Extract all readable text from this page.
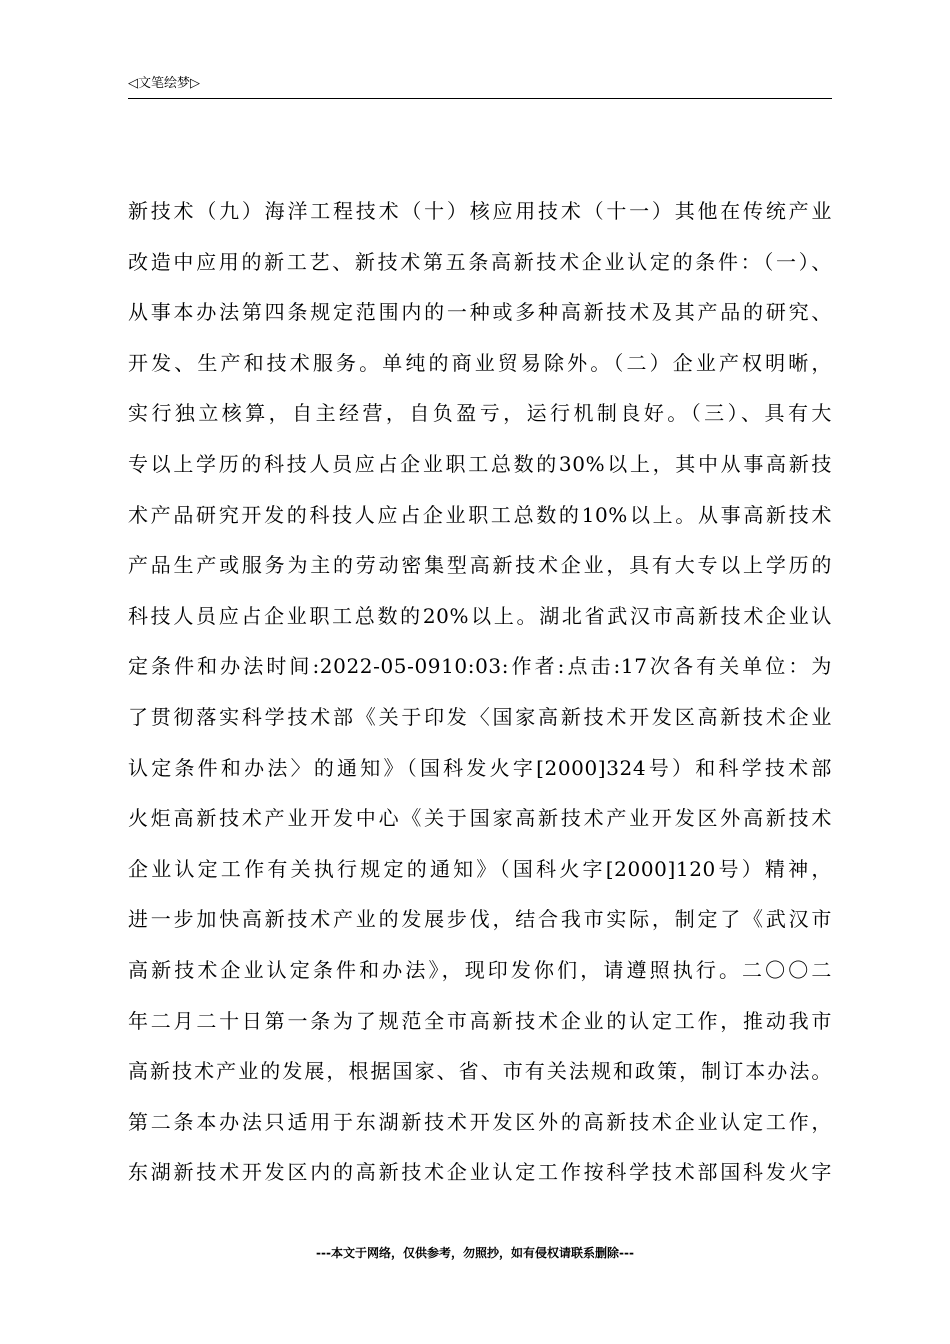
◁文笔绘梦▷
新技术（九）海洋工程技术（十）核应用技术（十一）其他在传统产业
改造中应用的新工艺、新技术第五条高新技术企业认定的条件：（一）、
从事本办法第四条规定范围内的一种或多种高新技术及其产品的研究、
开发、生产和技术服务。单纯的商业贸易除外。（二）企业产权明晰，
实行独立核算，自主经营，自负盈亏，运行机制良好。（三）、具有大
专以上学历的科技人员应占企业职工总数的30%以上，其中从事高新技
术产品研究开发的科技人应占企业职工总数的10%以上。从事高新技术
产品生产或服务为主的劳动密集型高新技术企业，具有大专以上学历的
科技人员应占企业职工总数的20%以上。湖北省武汉市高新技术企业认
定条件和办法时间:2022-05-0910:03:作者:点击:17次各有关单位：为
了贯彻落实科学技术部《关于印发〈国家高新技术开发区高新技术企业
认定条件和办法〉的通知》（国科发火字[2000]324号）和科学技术部
火炬高新技术产业开发中心《关于国家高新技术产业开发区外高新技术
企业认定工作有关执行规定的通知》（国科火字[2000]120号）精神，
进一步加快高新技术产业的发展步伐，结合我市实际，制定了《武汉市
高新技术企业认定条件和办法》，现印发你们，请遵照执行。二〇〇二
年二月二十日第一条为了规范全市高新技术企业的认定工作，推动我市
高新技术产业的发展，根据国家、省、市有关法规和政策，制订本办法。
第二条本办法只适用于东湖新技术开发区外的高新技术企业认定工作，
东湖新技术开发区内的高新技术企业认定工作按科学技术部国科发火字
---本文于网络，仅供参考，勿照抄，如有侵权请联系删除---
